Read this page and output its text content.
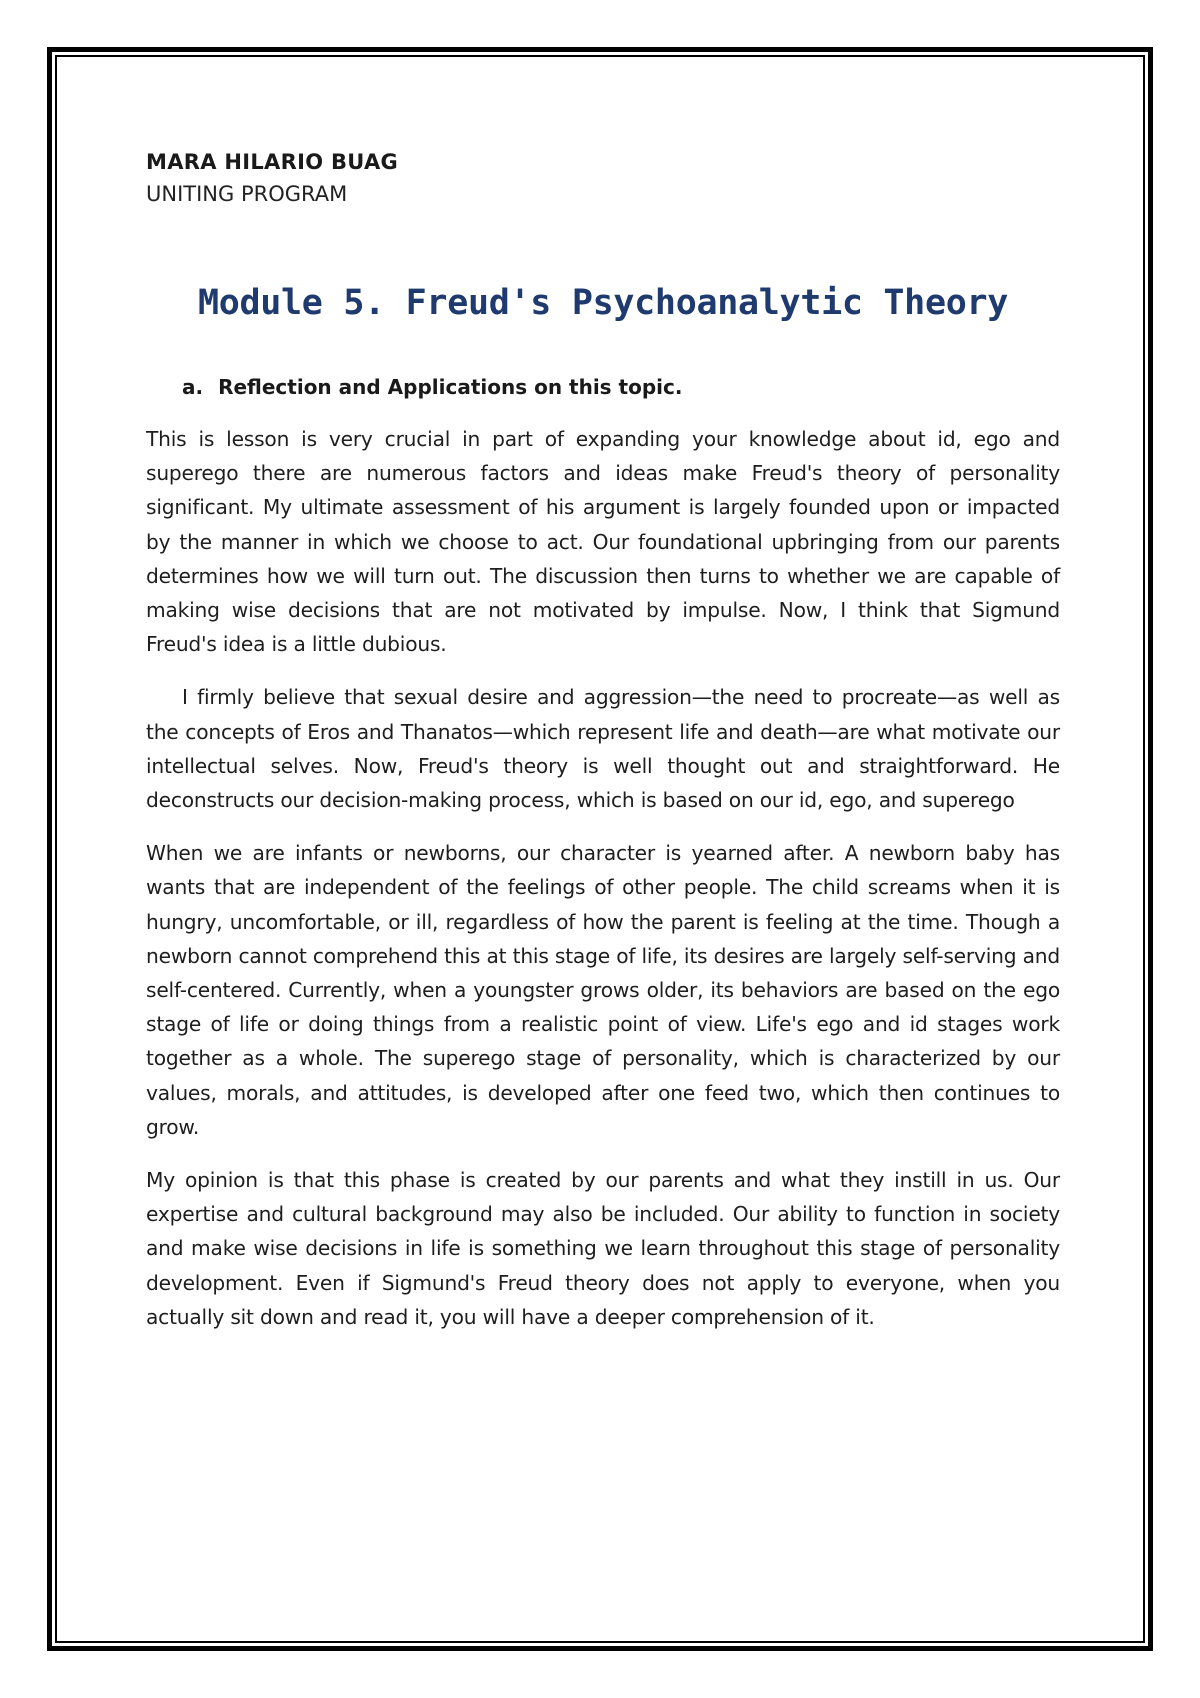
MARA HILARIO BUAG

UNITING PROGRAM

Module 5. Freud's Psychoanalytic Theory
a. Reflection and Applications on this topic.

This is lesson is very crucial in part of expanding your knowledge about id, ego and superego there are numerous factors and ideas make Freud's theory of personality significant. My ultimate assessment of his argument is largely founded upon or impacted by the manner in which we choose to act. Our foundational upbringing from our parents determines how we will turn out. The discussion then turns to whether we are capable of making wise decisions that are not motivated by impulse. Now, I think that Sigmund Freud's idea is a little dubious.

I firmly believe that sexual desire and aggression—the need to procreate—as well as the concepts of Eros and Thanatos—which represent life and death—are what motivate our intellectual selves. Now, Freud's theory is well thought out and straightforward. He deconstructs our decision-making process, which is based on our id, ego, and superego

When we are infants or newborns, our character is yearned after. A newborn baby has wants that are independent of the feelings of other people. The child screams when it is hungry, uncomfortable, or ill, regardless of how the parent is feeling at the time. Though a newborn cannot comprehend this at this stage of life, its desires are largely self-serving and self-centered. Currently, when a youngster grows older, its behaviors are based on the ego stage of life or doing things from a realistic point of view. Life's ego and id stages work together as a whole. The superego stage of personality, which is characterized by our values, morals, and attitudes, is developed after one feed two, which then continues to grow.

My opinion is that this phase is created by our parents and what they instill in us. Our expertise and cultural background may also be included. Our ability to function in society and make wise decisions in life is something we learn throughout this stage of personality development. Even if Sigmund's Freud theory does not apply to everyone, when you actually sit down and read it, you will have a deeper comprehension of it.
